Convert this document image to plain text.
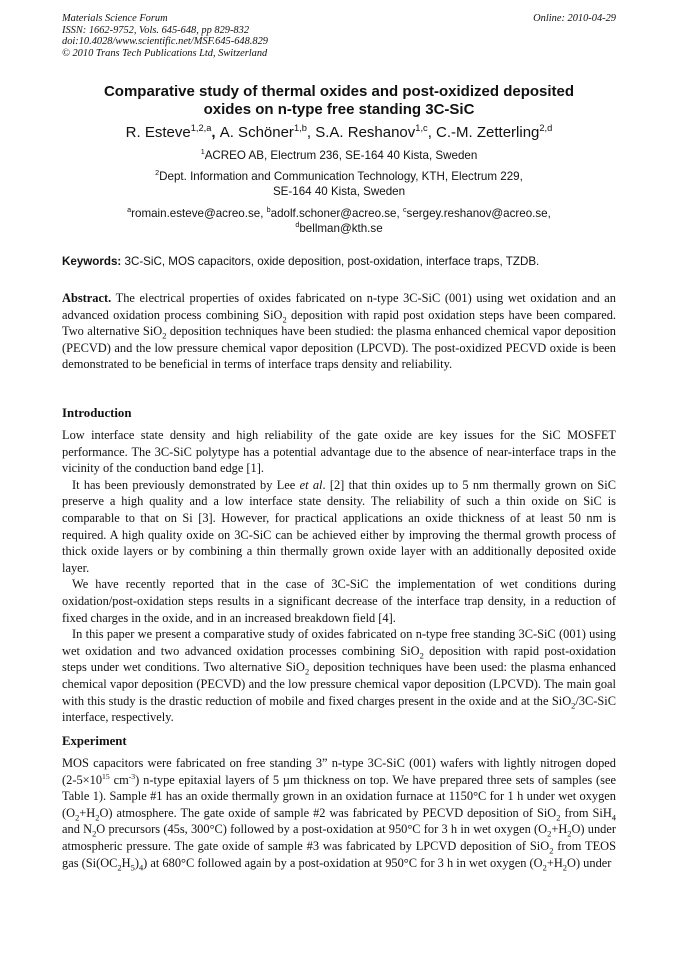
Materials Science Forum
ISSN: 1662-9752, Vols. 645-648, pp 829-832
doi:10.4028/www.scientific.net/MSF.645-648.829
© 2010 Trans Tech Publications Ltd, Switzerland
Online: 2010-04-29
Comparative study of thermal oxides and post-oxidized deposited
oxides on n-type free standing 3C-SiC
R. Esteve$^{1,2,a}$, A. Schöner$^{1,b}$, S.A. Reshanov$^{1,c}$, C.-M. Zetterling$^{2,d}$
$^1$ACREO AB, Electrum 236, SE-164 40 Kista, Sweden
$^2$Dept. Information and Communication Technology, KTH, Electrum 229,
SE-164 40 Kista, Sweden
$^a$romain.esteve@acreo.se, $^b$adolf.schoner@acreo.se, $^c$sergey.reshanov@acreo.se,
$^d$bellman@kth.se
Keywords: 3C-SiC, MOS capacitors, oxide deposition, post-oxidation, interface traps, TZDB.

Abstract. The electrical properties of oxides fabricated on n-type 3C-SiC (001) using wet oxidation and an advanced oxidation process combining SiO$_2$ deposition with rapid post oxidation steps have been compared. Two alternative SiO$_2$ deposition techniques have been studied: the plasma enhanced chemical vapor deposition (PECVD) and the low pressure chemical vapor deposition (LPCVD). The post-oxidized PECVD oxide is been demonstrated to be beneficial in terms of interface traps density and reliability.

Introduction

Low interface state density and high reliability of the gate oxide are key issues for the SiC MOSFET performance. The 3C-SiC polytype has a potential advantage due to the absence of near-interface traps in the vicinity of the conduction band edge [1].

It has been previously demonstrated by Lee et al. [2] that thin oxides up to 5 nm thermally grown on SiC preserve a high quality and a low interface state density. The reliability of such a thin oxide on SiC is comparable to that on Si [3]. However, for practical applications an oxide thickness of at least 50 nm is required. A high quality oxide on 3C-SiC can be achieved either by improving the thermal growth process of thick oxide layers or by combining a thin thermally grown oxide layer with an additionally deposited oxide layer.

We have recently reported that in the case of 3C-SiC the implementation of wet conditions during oxidation/post-oxidation steps results in a significant decrease of the interface trap density, in a reduction of fixed charges in the oxide, and in an increased breakdown field [4].

In this paper we present a comparative study of oxides fabricated on n-type free standing 3C-SiC (001) using wet oxidation and two advanced oxidation processes combining SiO$_2$ deposition with rapid post-oxidation steps under wet conditions. Two alternative SiO$_2$ deposition techniques have been used: the plasma enhanced chemical vapor deposition (PECVD) and the low pressure chemical vapor deposition (LPCVD). The main goal with this study is the drastic reduction of mobile and fixed charges present in the oxide and at the SiO$_2$/3C-SiC interface, respectively.

Experiment

MOS capacitors were fabricated on free standing 3” n-type 3C-SiC (001) wafers with lightly nitrogen doped ($2-5\times 10^{15}$ $cm^{-3}$) n-type epitaxial layers of 5 µm thickness on top. We have prepared three sets of samples (see Table 1). Sample #1 has an oxide thermally grown in an oxidation furnace at 1150°C for 1 h under wet oxygen $(O_2+H_2O)$ atmosphere. The gate oxide of sample #2 was fabricated by PECVD deposition of SiO$_2$ from SiH$_4$ and $N_2O$ precursors (45s, 300°C) followed by a post-oxidation at 950°C for 3 h in wet oxygen $(O_2+H_2O)$ under atmospheric pressure. The gate oxide of sample #3 was fabricated by LPCVD deposition of SiO$_2$ from TEOS gas $(Si(OC_2H_5)_4)$ at 680°C followed again by a post-oxidation at 950°C for 3 h in wet oxygen $(O_2+H_2O)$ under
